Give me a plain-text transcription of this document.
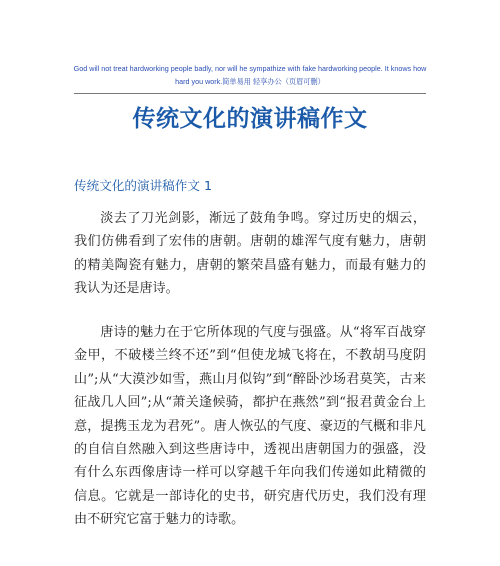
God will not treat hardworking people badly, nor will he sympathize with fake hardworking people. It knows how
hard you work.简单易用 轻享办公（页眉可删）
传统文化的演讲稿作文
传统文化的演讲稿作文 1

淡去了刀光剑影，渐远了鼓角争鸣。穿过历史的烟云，我们仿佛看到了宏伟的唐朝。唐朝的雄浑气度有魅力，唐朝的精美陶瓷有魅力，唐朝的繁荣昌盛有魅力，而最有魅力的我认为还是唐诗。

唐诗的魅力在于它所体现的气度与强盛。从“将军百战穿金甲，不破楼兰终不还”到“但使龙城飞将在，不教胡马度阴山”;从“大漠沙如雪，燕山月似钩”到“醉卧沙场君莫笑，古来征战几人回”;从“萧关逢候骑，都护在燕然”到“报君黄金台上意，提携玉龙为君死”。唐人恢弘的气度、豪迈的气概和非凡的自信自然融入到这些唐诗中，透视出唐朝国力的强盛，没有什么东西像唐诗一样可以穿越千年向我们传递如此精微的信息。它就是一部诗化的史书，研究唐代历史，我们没有理由不研究它富于魅力的诗歌。
